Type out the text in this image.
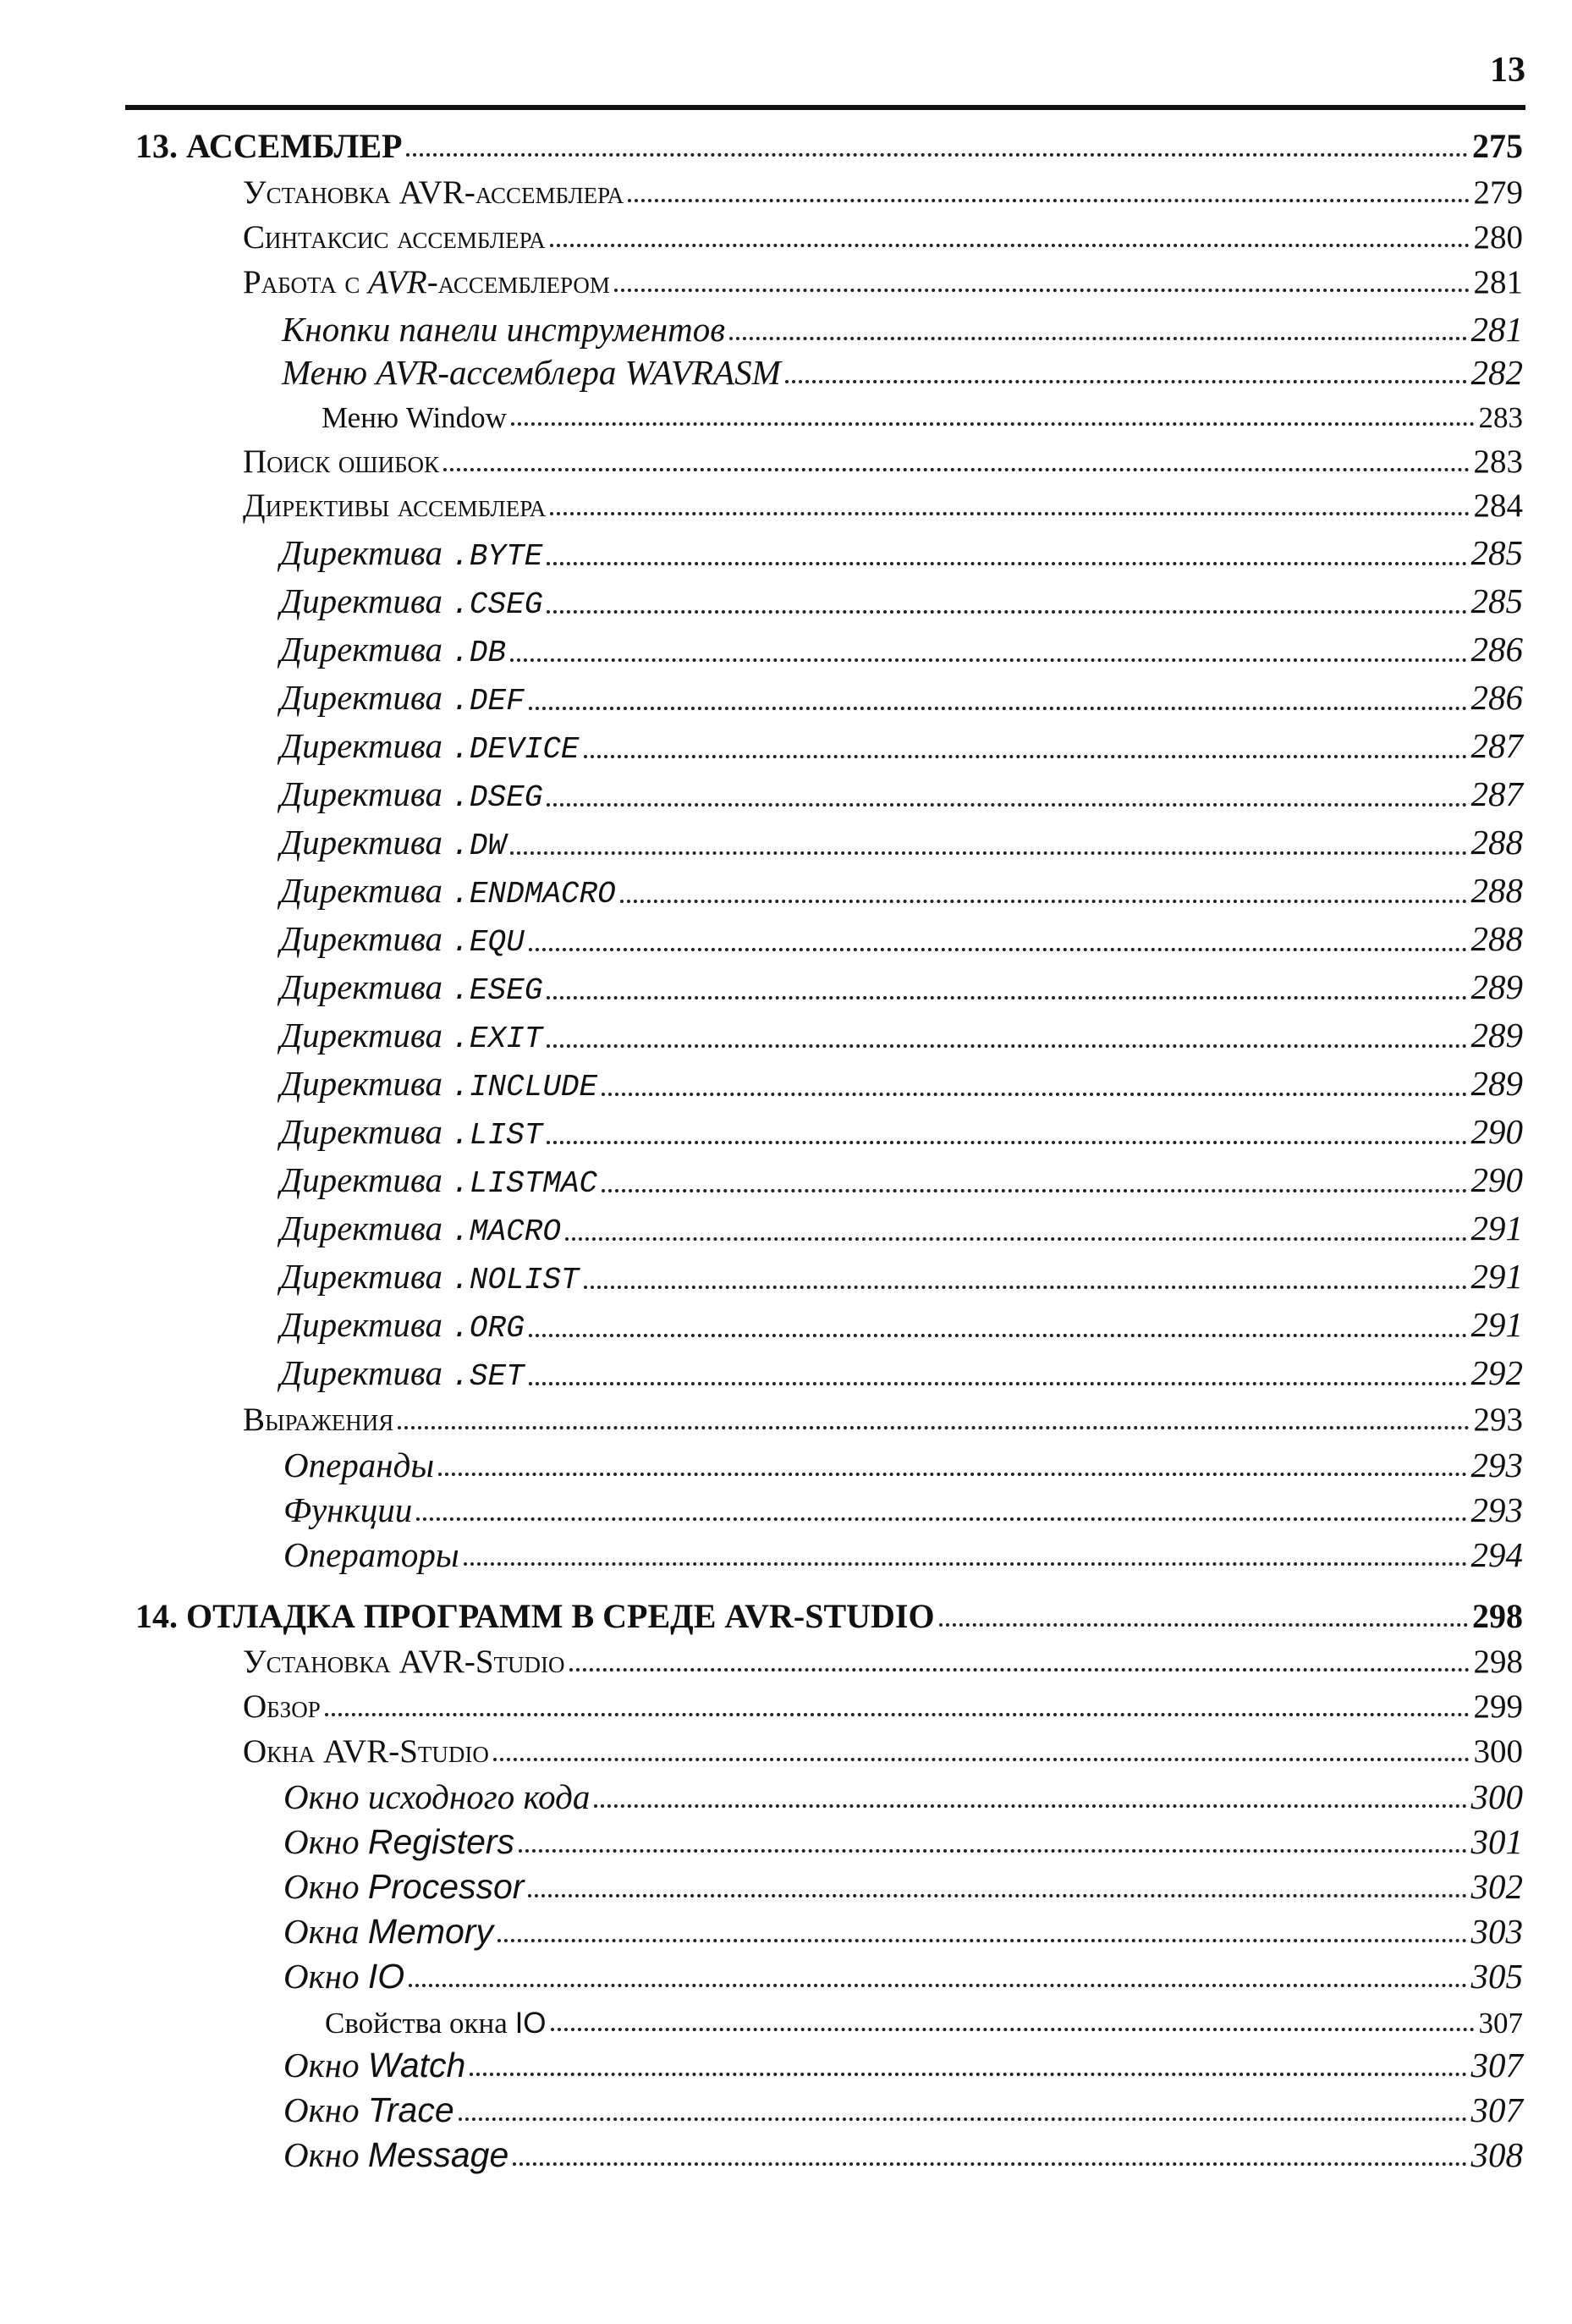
13
13. АССЕМБЛЕР	275
Установка AVR-ассемблера	279
Синтаксис ассемблера	280
Работа с AVR-ассемблером	281
Кнопки панели инструментов	281
Меню AVR-ассемблера WAVRASM	282
Меню Window	283
Поиск ошибок	283
Директивы ассемблера	284
Директива .BYTE	285
Директива .CSEG	285
Директива .DB	286
Директива .DEF	286
Директива .DEVICE	287
Директива .DSEG	287
Директива .DW	288
Директива .ENDMACRO	288
Директива .EQU	288
Директива .ESEG	289
Директива .EXIT	289
Директива .INCLUDE	289
Директива .LIST	290
Директива .LISTMAC	290
Директива .MACRO	291
Директива .NOLIST	291
Директива .ORG	291
Директива .SET	292
Выражения	293
Операнды	293
Функции	293
Операторы	294
14. ОТЛАДКА ПРОГРАММ В СРЕДЕ AVR-STUDIO	298
Установка AVR-Studio	298
Обзор	299
Окна AVR-Studio	300
Окно исходного кода	300
Окно Registers	301
Окно Processor	302
Окна Memory	303
Окно IO	305
Свойства окна IO	307
Окно Watch	307
Окно Trace	307
Окно Message	308
